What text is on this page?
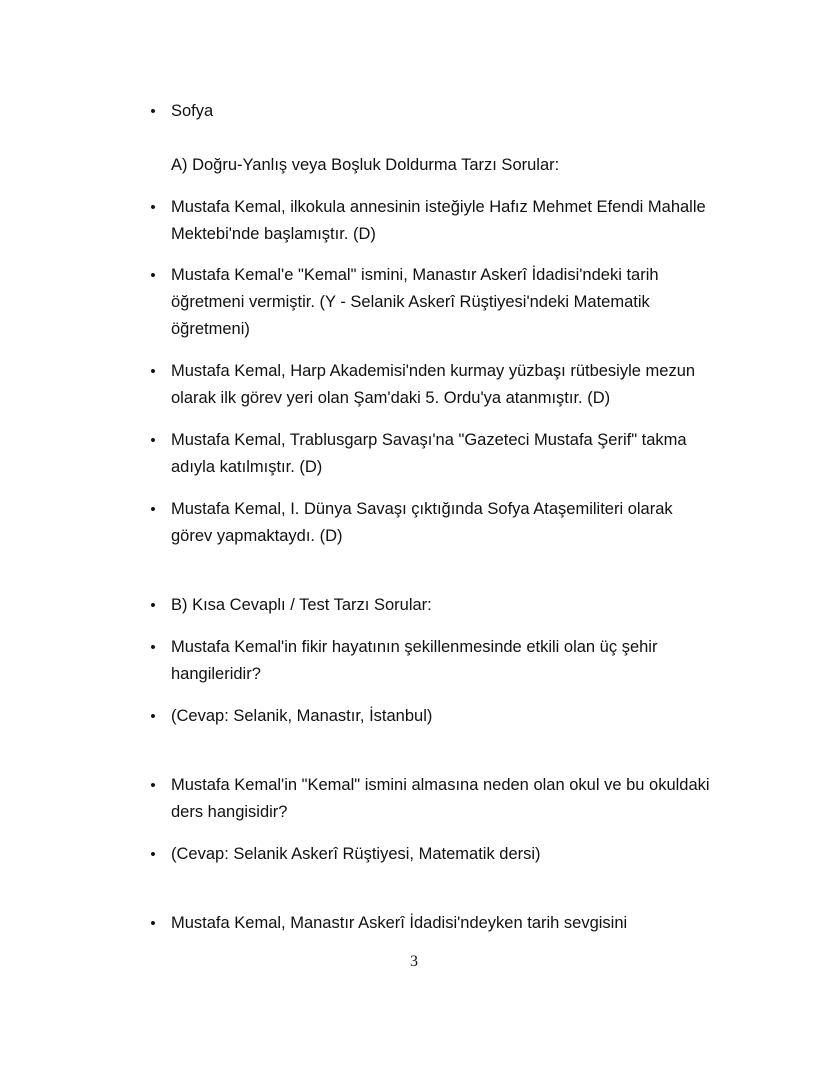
• Sofya
A) Doğru-Yanlış veya Boşluk Doldurma Tarzı Sorular:
• Mustafa Kemal, ilkokula annesinin isteğiyle Hafız Mehmet Efendi Mahalle Mektebi'nde başlamıştır. (D)
• Mustafa Kemal'e "Kemal" ismini, Manastır Askerî İdadisi'ndeki tarih öğretmeni vermiştir. (Y - Selanik Askerî Rüştiyesi'ndeki Matematik öğretmeni)
• Mustafa Kemal, Harp Akademisi'nden kurmay yüzbaşı rütbesiyle mezun olarak ilk görev yeri olan Şam'daki 5. Ordu'ya atanmıştır. (D)
• Mustafa Kemal, Trablusgarp Savaşı'na "Gazeteci Mustafa Şerif" takma adıyla katılmıştır. (D)
• Mustafa Kemal, I. Dünya Savaşı çıktığında Sofya Ataşemiliteri olarak görev yapmaktaydı. (D)
• B) Kısa Cevaplı / Test Tarzı Sorular:
• Mustafa Kemal'in fikir hayatının şekillenmesinde etkili olan üç şehir hangileridir?
• (Cevap: Selanik, Manastır, İstanbul)
• Mustafa Kemal'in "Kemal" ismini almasına neden olan okul ve bu okuldaki ders hangisidir?
• (Cevap: Selanik Askerî Rüştiyesi, Matematik dersi)
• Mustafa Kemal, Manastır Askerî İdadisi'ndeyken tarih sevgisini
3
